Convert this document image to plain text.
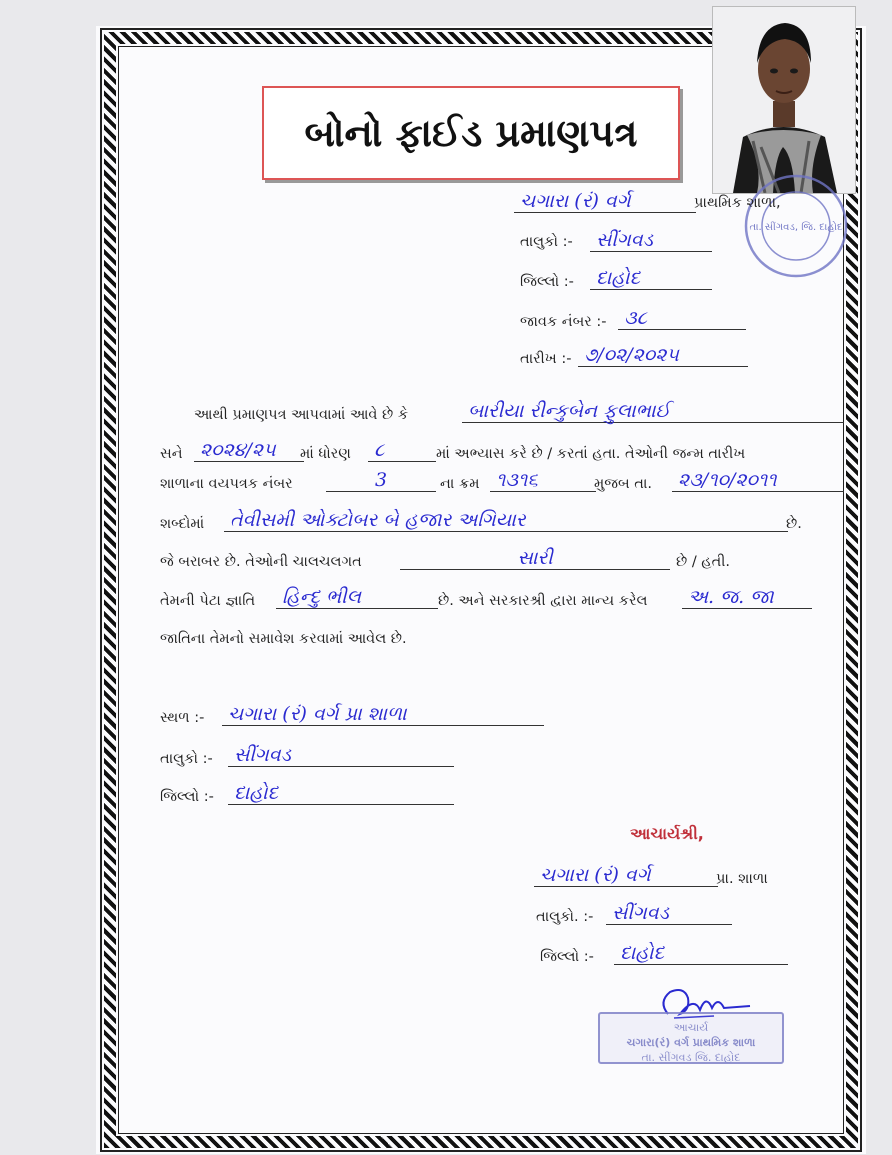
બોનો ફાઈડ પ્રમાણપત્ર
તા. સીંગવડ, જિ. દાહોદ
ચગારા (રં) વર્ગ	પ્રાથમિક શાળા,
તાલુકો :-	સીંગવડ
જિલ્લો :-	દાહોદ
જાવક નંબર :- ૩૮
તારીખ :- ૭/૦૨/૨૦૨૫
આથી પ્રમાણપત્ર આપવામાં આવે છે કે	બારીયા રીન્કુબેન ફુલાભાઈ
સને ૨૦૨૪/૨૫	માં ધોરણ	૮	માં અભ્યાસ કરે છે / કરતાં હતા. તેઓની જન્મ તારીખ
શાળાના વયપત્રક નંબર	3	ના ક્રમ ૧૩૧૬	મુજબ તા.	૨૩/૧૦/૨૦૧૧
શબ્દોમાં	તેવીસમી ઓક્ટોબર બે હજાર અગિયાર	છે.
જે બરાબર છે. તેઓની ચાલચલગત	સારી	છે / હતી.
તેમની પેટા જ્ઞાતિ	હિન્દુ ભીલ	છે. અને સરકારશ્રી દ્વારા માન્ય કરેલ	અ. જ. જા
જાતિના તેમનો સમાવેશ કરવામાં આવેલ છે.
સ્થળ :-	ચગારા (રં) વર્ગ પ્રા શાળા
તાલુકો :-	સીંગવડ
જિલ્લો :-	દાહોદ
આચાર્યશ્રી,
ચગારા (રં) વર્ગ	પ્રા. શાળા
તાલુકો. :- સીંગવડ
જિલ્લો :-	દાહોદ
આચાર્ય
ચગારા(રં) વર્ગ પ્રાથમિક શાળા
તા. સીંગવડ જિ. દાહોદ
